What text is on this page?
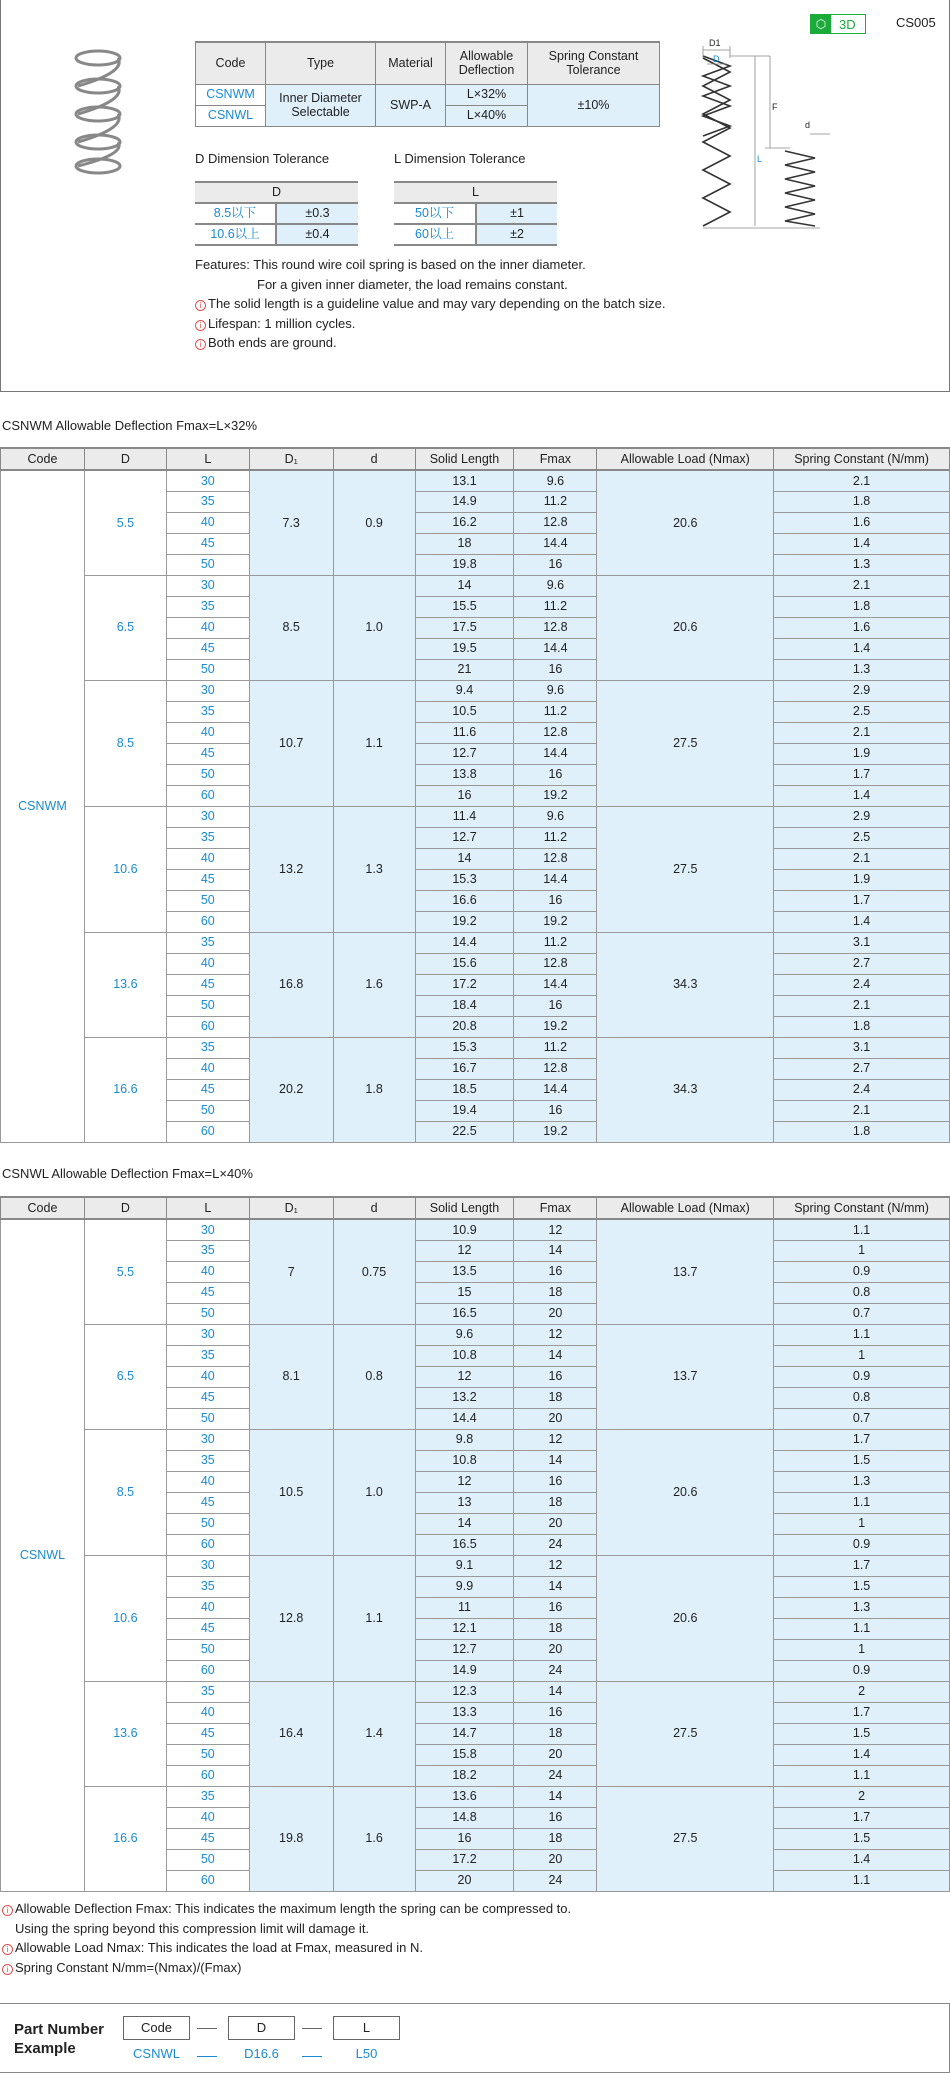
⬡ 3D	CS005
Code	Type	Material	Allowable Deflection	Spring Constant Tolerance
CSNWM	Inner Diameter Selectable	SWP-A	L×32%	±10%
CSNWL			L×40%	
D Dimension Tolerance
D	
8.5以下	±0.3
10.6以上	±0.4
L Dimension Tolerance
L	
50以下	±1
60以上	±2
D1
D
F
d
L
Features: This round wire coil spring is based on the inner diameter.
For a given inner diameter, the load remains constant.
i The solid length is a guideline value and may vary depending on the batch size.
i Lifespan: 1 million cycles.
i Both ends are ground.
CSNWM Allowable Deflection Fmax=L×32%
Code	D	L	D₁	d	Solid Length	Fmax	Allowable Load (Nmax)	Spring Constant (N/mm)
CSNWM	5.5	30	7.3	0.9	13.1	9.6	20.6	2.1
		35			14.9	11.2		1.8
		40			16.2	12.8		1.6
		45			18	14.4		1.4
		50			19.8	16		1.3
	6.5	30	8.5	1.0	14	9.6	20.6	2.1
		35			15.5	11.2		1.8
		40			17.5	12.8		1.6
		45			19.5	14.4		1.4
		50			21	16		1.3
	8.5	30	10.7	1.1	9.4	9.6	27.5	2.9
		35			10.5	11.2		2.5
		40			11.6	12.8		2.1
		45			12.7	14.4		1.9
		50			13.8	16		1.7
		60			16	19.2		1.4
	10.6	30	13.2	1.3	11.4	9.6	27.5	2.9
		35			12.7	11.2		2.5
		40			14	12.8		2.1
		45			15.3	14.4		1.9
		50			16.6	16		1.7
		60			19.2	19.2		1.4
	13.6	35	16.8	1.6	14.4	11.2	34.3	3.1
		40			15.6	12.8		2.7
		45			17.2	14.4		2.4
		50			18.4	16		2.1
		60			20.8	19.2		1.8
	16.6	35	20.2	1.8	15.3	11.2	34.3	3.1
		40			16.7	12.8		2.7
		45			18.5	14.4		2.4
		50			19.4	16		2.1
		60			22.5	19.2		1.8
CSNWL Allowable Deflection Fmax=L×40%
Code	D	L	D₁	d	Solid Length	Fmax	Allowable Load (Nmax)	Spring Constant (N/mm)
CSNWL	5.5	30	7	0.75	10.9	12	13.7	1.1
		35			12	14		1
		40			13.5	16		0.9
		45			15	18		0.8
		50			16.5	20		0.7
	6.5	30	8.1	0.8	9.6	12	13.7	1.1
		35			10.8	14		1
		40			12	16		0.9
		45			13.2	18		0.8
		50			14.4	20		0.7
	8.5	30	10.5	1.0	9.8	12	20.6	1.7
		35			10.8	14		1.5
		40			12	16		1.3
		45			13	18		1.1
		50			14	20		1
		60			16.5	24		0.9
	10.6	30	12.8	1.1	9.1	12	20.6	1.7
		35			9.9	14		1.5
		40			11	16		1.3
		45			12.1	18		1.1
		50			12.7	20		1
		60			14.9	24		0.9
	13.6	35	16.4	1.4	12.3	14	27.5	2
		40			13.3	16		1.7
		45			14.7	18		1.5
		50			15.8	20		1.4
		60			18.2	24		1.1
	16.6	35	19.8	1.6	13.6	14	27.5	2
		40			14.8	16		1.7
		45			16	18		1.5
		50			17.2	20		1.4
		60			20	24		1.1
i Allowable Deflection Fmax: This indicates the maximum length the spring can be compressed to.
Using the spring beyond this compression limit will damage it.
i Allowable Load Nmax: This indicates the load at Fmax, measured in N.
i Spring Constant N/mm=(Nmax)/(Fmax)
Part Number
Example
Code	D	L
CSNWL	D16.6	L50
